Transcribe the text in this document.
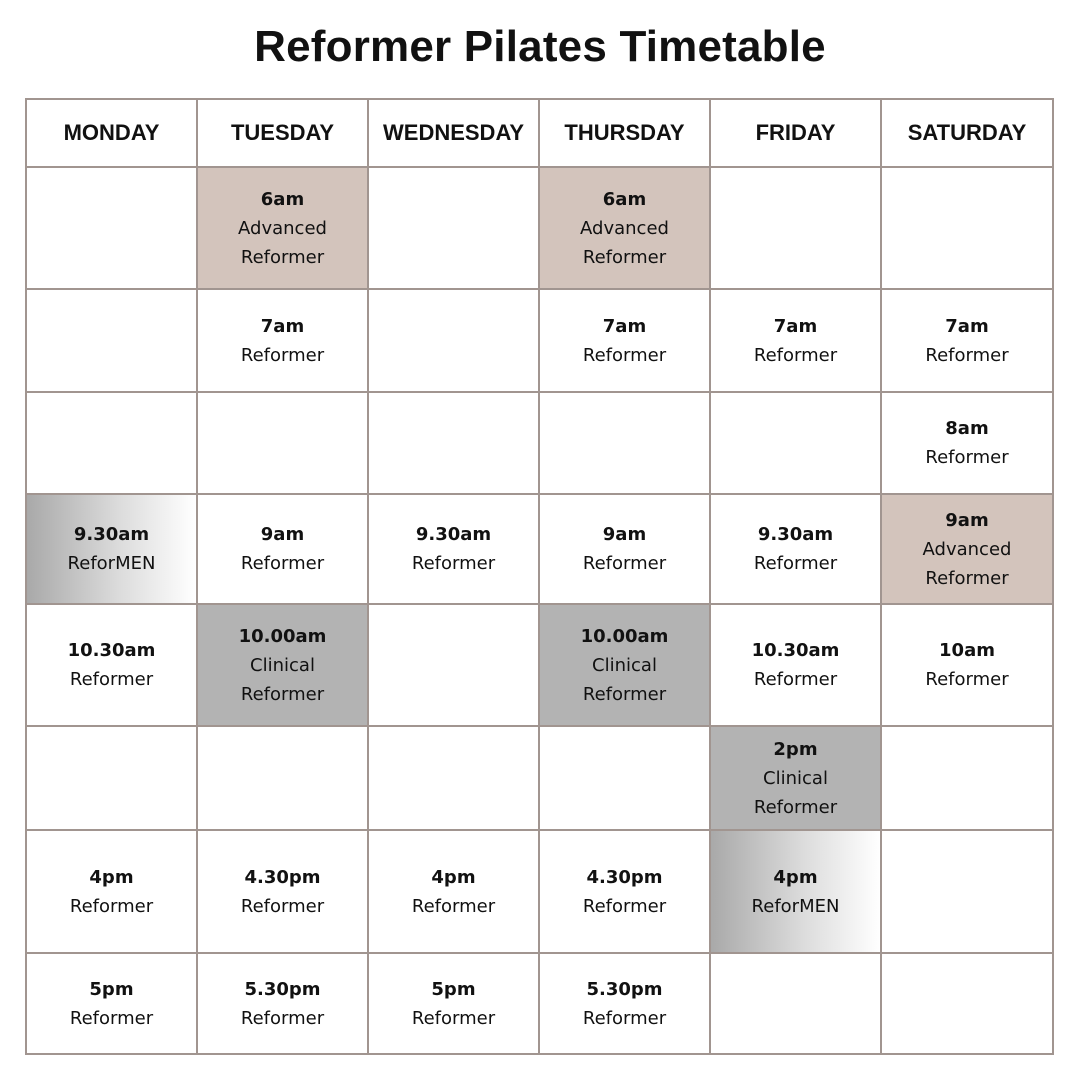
Reformer Pilates Timetable
MONDAY	TUESDAY	WEDNESDAY	THURSDAY	FRIDAY	SATURDAY

	6am
Advanced
Reformer		6am
Advanced
Reformer		

	7am
Reformer		7am
Reformer	7am
Reformer	7am
Reformer

					8am
Reformer

9.30am
ReforMEN	9am
Reformer	9.30am
Reformer	9am
Reformer	9.30am
Reformer	9am
Advanced
Reformer

10.30am
Reformer	10.00am
Clinical
Reformer		10.00am
Clinical
Reformer	10.30am
Reformer	10am
Reformer

				2pm
Clinical
Reformer	

4pm
Reformer	4.30pm
Reformer	4pm
Reformer	4.30pm
Reformer	4pm
ReforMEN	

5pm
Reformer	5.30pm
Reformer	5pm
Reformer	5.30pm
Reformer		
